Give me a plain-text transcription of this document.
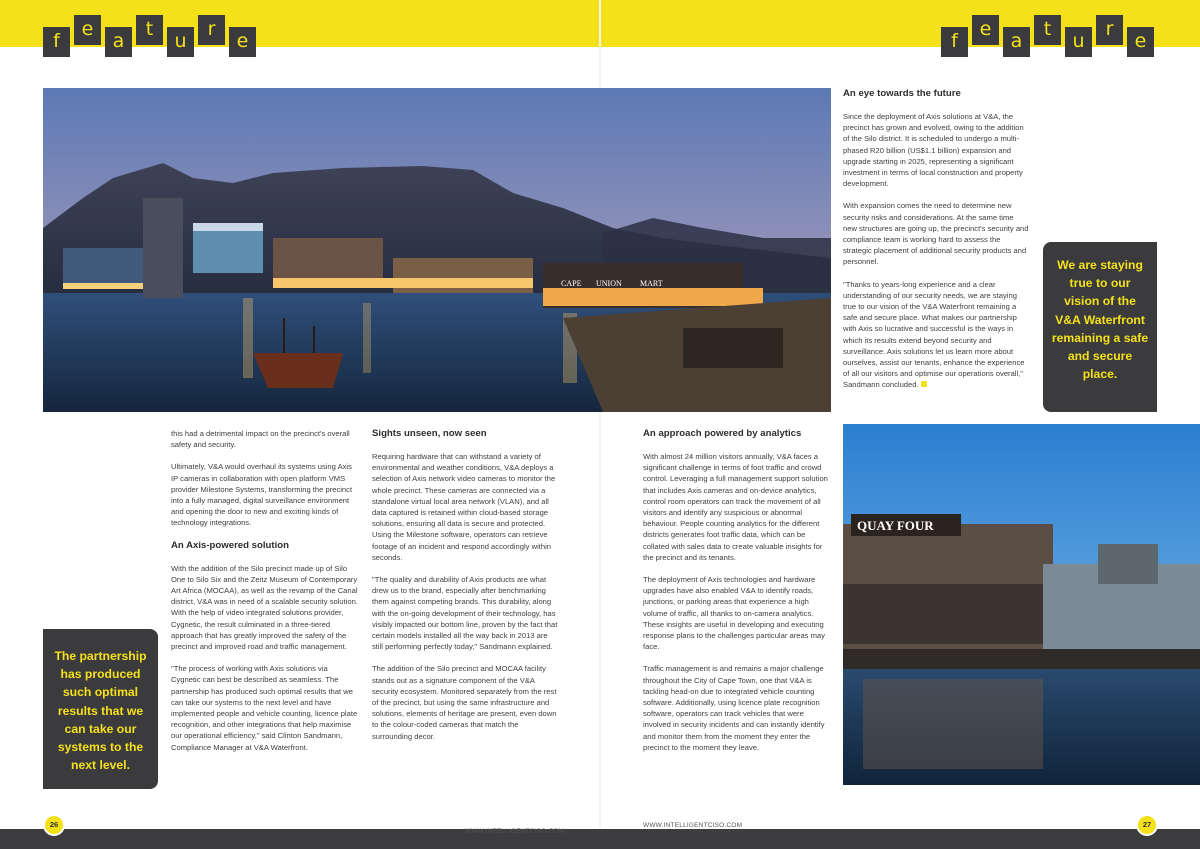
f
e
a
t
u
r
e	f
e
a
t
u
r
e
CAPE UNION MART
QUAY FOUR

this had a detrimental impact on the precinct's overall safety and security.

Ultimately, V&A would overhaul its systems using Axis IP cameras in collaboration with open platform VMS provider Milestone Systems, transforming the precinct into a fully managed, digital surveillance environment and opening the door to new and exciting kinds of technology integrations.

An Axis-powered solution

With the addition of the Silo precinct made up of Silo One to Silo Six and the Zeitz Museum of Contemporary Art Africa (MOCAA), as well as the revamp of the Canal district, V&A was in need of a scalable security solution. With the help of video integrated solutions provider, Cygnetic, the result culminated in a three-tiered approach that has greatly improved the safety of the precinct and improved road and traffic management.

"The process of working with Axis solutions via Cygnetic can best be described as seamless. The partnership has produced such optimal results that we can take our systems to the next level and have implemented people and vehicle counting, licence plate recognition, and other integrations that help maximise our operational efficiency," said Clinton Sandmann, Compliance Manager at V&A Waterfront.

Sights unseen, now seen

Requiring hardware that can withstand a variety of environmental and weather conditions, V&A deploys a selection of Axis network video cameras to monitor the whole precinct. These cameras are connected via a standalone virtual local area network (VLAN), and all data captured is retained within cloud-based storage solutions, ensuring all data is secure and protected. Using the Milestone software, operators can retrieve footage of an incident and respond accordingly within seconds.

"The quality and durability of Axis products are what drew us to the brand, especially after benchmarking them against competing brands. This durability, along with the on-going development of their technology, has visibly impacted our bottom line, proven by the fact that certain models installed all the way back in 2013 are still performing perfectly today," Sandmann explained.

The addition of the Silo precinct and MOCAA facility stands out as a signature component of the V&A security ecosystem. Monitored separately from the rest of the precinct, but using the same infrastructure and solutions, elements of heritage are present, even down to the colour-coded cameras that match the surrounding decor.

The partnership has produced such optimal results that we can take our systems to the next level.
An eye towards the future

Since the deployment of Axis solutions at V&A, the precinct has grown and evolved, owing to the addition of the Silo district. It is scheduled to undergo a multi-phased R20 billion (US$1.1 billion) expansion and upgrade starting in 2025, representing a significant investment in terms of local construction and property development.

With expansion comes the need to determine new security risks and considerations. At the same time new structures are going up, the precinct's security and compliance team is working hard to assess the strategic placement of additional security products and personnel.

"Thanks to years-long experience and a clear understanding of our security needs, we are staying true to our vision of the V&A Waterfront remaining a safe and secure place. What makes our partnership with Axis so lucrative and successful is the ways in which its results extend beyond security and surveillance. Axis solutions let us learn more about ourselves, assist our tenants, enhance the experience of all our visitors and optimise our operations overall," Sandmann concluded.

We are staying true to our vision of the V&A Waterfront remaining a safe and secure place.
An approach powered by analytics

With almost 24 million visitors annually, V&A faces a significant challenge in terms of foot traffic and crowd control. Leveraging a full management support solution that includes Axis cameras and on-device analytics, control room operators can track the movement of all visitors and identify any suspicious or abnormal behaviour. People counting analytics for the different districts generates foot traffic data, which can be collated with sales data to create valuable insights for the precinct and its tenants.

The deployment of Axis technologies and hardware upgrades have also enabled V&A to identify roads, junctions, or parking areas that experience a high volume of traffic, all thanks to on-camera analytics. These insights are useful in developing and executing response plans to the challenges particular areas may face.

Traffic management is and remains a major challenge throughout the City of Cape Town, one that V&A is tackling head-on due to integrated vehicle counting software. Additionally, using licence plate recognition software, operators can track vehicles that were involved in security incidents and can instantly identify and monitor them from the moment they enter the precinct to the moment they leave.

26	27
WWW.INTELLIGENTCISO.COM
WWW.INTELLIGENTCISO.COM
